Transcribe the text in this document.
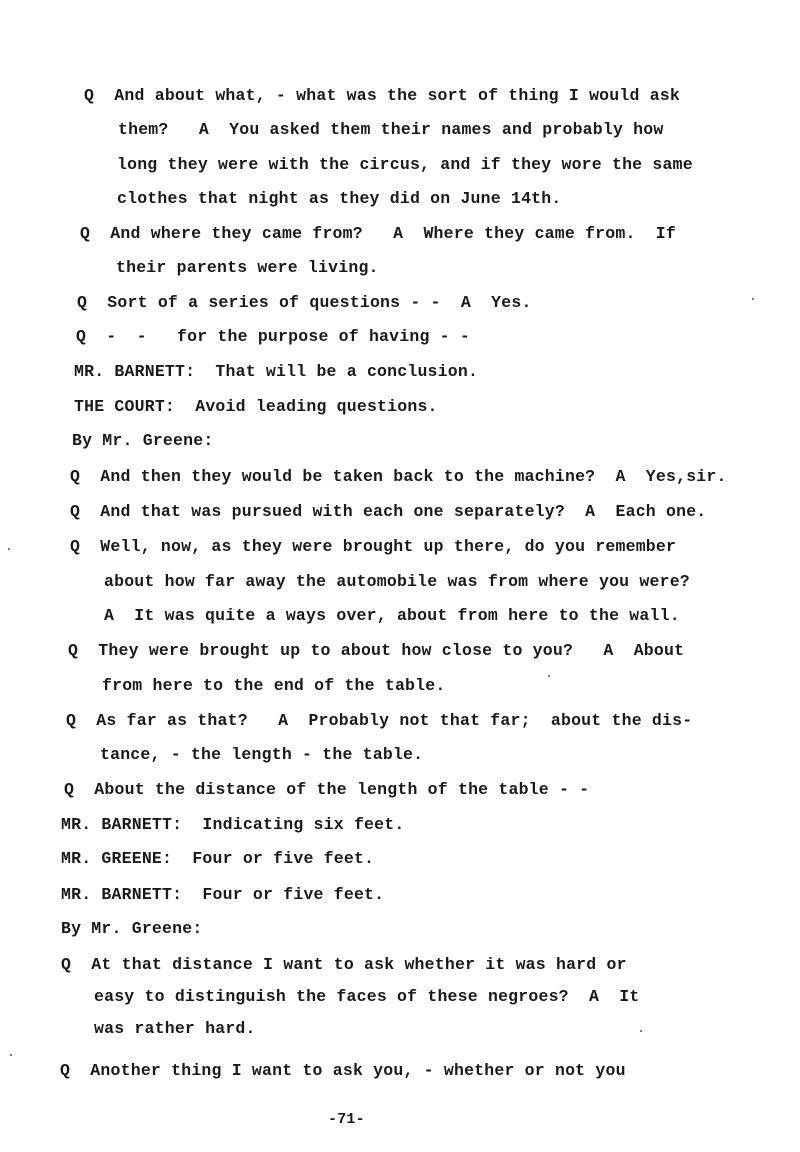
Q  And about what, - what was the sort of thing I would ask
them?   A  You asked them their names and probably how
long they were with the circus, and if they wore the same
clothes that night as they did on June 14th.
Q  And where they came from?   A  Where they came from.  If
their parents were living.
Q  Sort of a series of questions - -  A  Yes.
Q  -  -   for the purpose of having - -
MR. BARNETT:  That will be a conclusion.
THE COURT:  Avoid leading questions.
By Mr. Greene:
Q  And then they would be taken back to the machine?  A  Yes,sir.
Q  And that was pursued with each one separately?  A  Each one.
Q  Well, now, as they were brought up there, do you remember
about how far away the automobile was from where you were?
A  It was quite a ways over, about from here to the wall.
Q  They were brought up to about how close to you?   A  About
from here to the end of the table.
Q  As far as that?   A  Probably not that far;  about the dis-
tance, - the length - the table.
Q  About the distance of the length of the table - -
MR. BARNETT:  Indicating six feet.
MR. GREENE:  Four or five feet.
MR. BARNETT:  Four or five feet.
By Mr. Greene:
Q  At that distance I want to ask whether it was hard or
easy to distinguish the faces of these negroes?  A  It
was rather hard.
Q  Another thing I want to ask you, - whether or not you
-71-
